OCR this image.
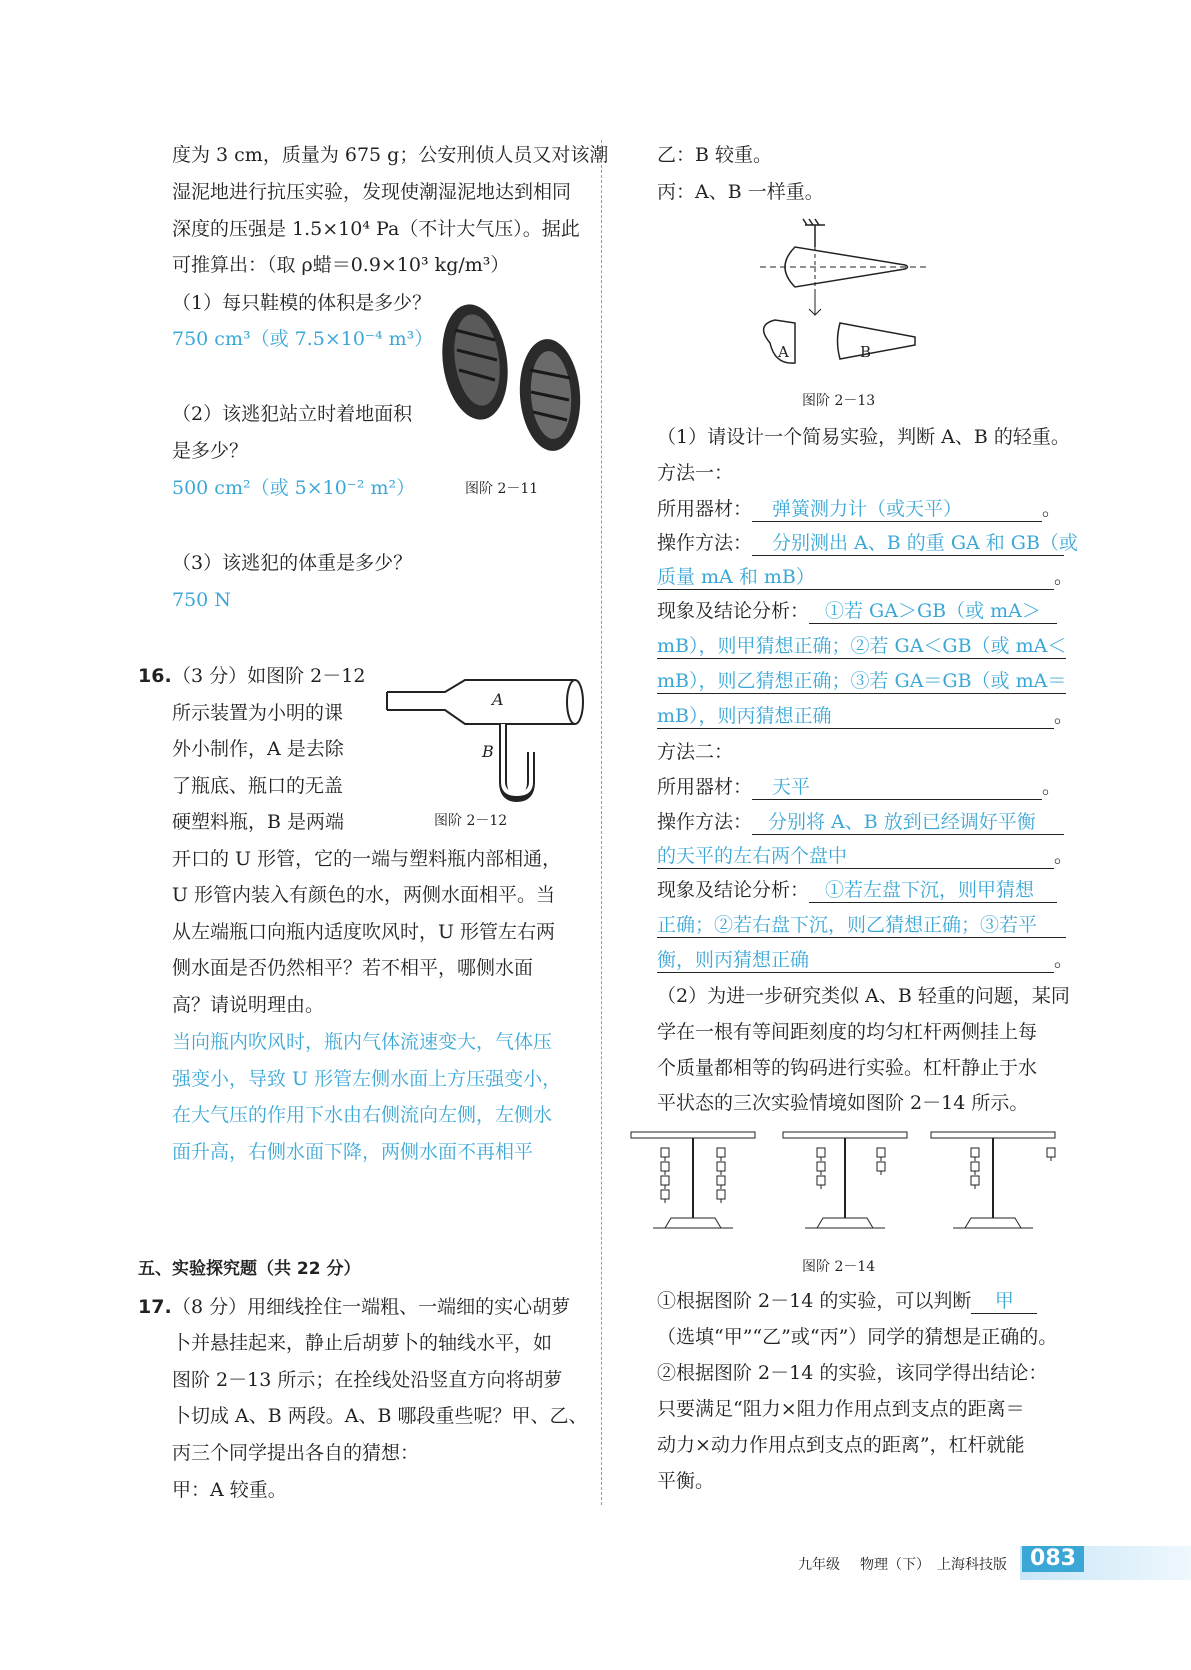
度为 3 cm，质量为 675 g；公安刑侦人员又对该潮
湿泥地进行抗压实验，发现使潮湿泥地达到相同
深度的压强是 1.5×10⁴ Pa（不计大气压）。据此
可推算出：（取 ρ蜡＝0.9×10³ kg/m³）
（1）每只鞋模的体积是多少？
750 cm³（或 7.5×10⁻⁴ m³）
（2）该逃犯站立时着地面积
是多少？
500 cm²（或 5×10⁻² m²）	图阶 2－11
（3）该逃犯的体重是多少？
750 N
16. （3 分）如图阶 2－12
所示装置为小明的课
外小制作，A 是去除
了瓶底、瓶口的无盖
硬塑料瓶，B 是两端
开口的 U 形管，它的一端与塑料瓶内部相通，
U 形管内装入有颜色的水，两侧水面相平。当
从左端瓶口向瓶内适度吹风时，U 形管左右两
侧水面是否仍然相平？若不相平，哪侧水面
高？请说明理由。
A
B
图阶 2－12
当向瓶内吹风时，瓶内气体流速变大，气体压
强变小，导致 U 形管左侧水面上方压强变小，
在大气压的作用下水由右侧流向左侧，左侧水
面升高，右侧水面下降，两侧水面不再相平
五、实验探究题（共 22 分）
17. （8 分）用细线拴住一端粗、一端细的实心胡萝
卜并悬挂起来，静止后胡萝卜的轴线水平，如
图阶 2－13 所示；在拴线处沿竖直方向将胡萝
卜切成 A、B 两段。A、B 哪段重些呢？甲、乙、
丙三个同学提出各自的猜想：
甲：A 较重。
乙：B 较重。
丙：A、B 一样重。
A	B
图阶 2－13
（1）请设计一个简易实验，判断 A、B 的轻重。
方法一：
所用器材： 弹簧测力计（或天平）	。
操作方法： 分别测出 A、B 的重 GA 和 GB（或
质量 mA 和 mB）	。
现象及结论分析： ①若 GA＞GB（或 mA＞
mB），则甲猜想正确；②若 GA＜GB（或 mA＜
mB），则乙猜想正确；③若 GA＝GB（或 mA＝
mB），则丙猜想正确	。
方法二：
所用器材： 天平	。
操作方法： 分别将 A、B 放到已经调好平衡
的天平的左右两个盘中	。
现象及结论分析： ①若左盘下沉，则甲猜想
正确；②若右盘下沉，则乙猜想正确；③若平
衡，则丙猜想正确	。
（2）为进一步研究类似 A、B 轻重的问题，某同
学在一根有等间距刻度的均匀杠杆两侧挂上每
个质量都相等的钩码进行实验。杠杆静止于水
平状态的三次实验情境如图阶 2－14 所示。
图阶 2－14
①根据图阶 2－14 的实验，可以判断 甲
（选填“甲”“乙”或“丙”）同学的猜想是正确的。
②根据图阶 2－14 的实验，该同学得出结论：
只要满足“阻力×阻力作用点到支点的距离＝
动力×动力作用点到支点的距离”，杠杆就能
平衡。
九年级 物理（下） 上海科技版	083
